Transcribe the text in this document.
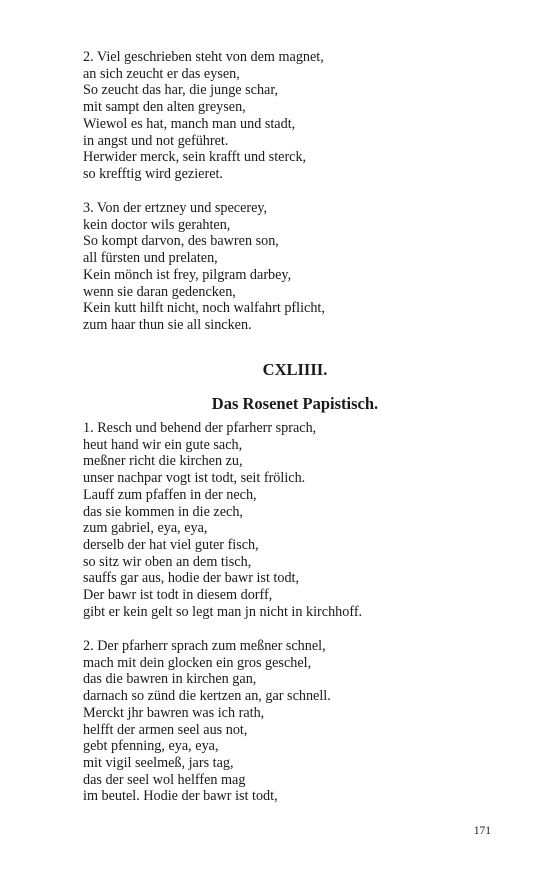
2. Viel geschrieben steht von dem magnet,
an sich zeucht er das eysen,
So zeucht das har, die junge schar,
mit sampt den alten greysen,
Wiewol es hat, manch man und stadt,
in angst und not geführet.
Herwider merck, sein krafft und sterck,
so krefftig wird gezieret.

3. Von der ertzney und specerey,
kein doctor wils gerahten,
So kompt darvon, des bawren son,
all fürsten und prelaten,
Kein mönch ist frey, pilgram darbey,
wenn sie daran gedencken,
Kein kutt hilft nicht, noch walfahrt pflicht,
zum haar thun sie all sincken.

CXLIIII.
Das Rosenet Papistisch.

1. Resch und behend der pfarherr sprach,
heut hand wir ein gute sach,
meßner richt die kirchen zu,
unser nachpar vogt ist todt, seit frölich.
Lauff zum pfaffen in der nech,
das sie kommen in die zech,
zum gabriel, eya, eya,
derselb der hat viel guter fisch,
so sitz wir oben an dem tisch,
sauffs gar aus, hodie der bawr ist todt,
Der bawr ist todt in diesem dorff,
gibt er kein gelt so legt man jn nicht in kirchhoff.

2. Der pfarherr sprach zum meßner schnel,
mach mit dein glocken ein gros geschel,
das die bawren in kirchen gan,
darnach so zünd die kertzen an, gar schnell.
Merckt jhr bawren was ich rath,
helfft der armen seel aus not,
gebt pfenning, eya, eya,
mit vigil seelmeß, jars tag,
das der seel wol helffen mag
im beutel. Hodie der bawr ist todt,

171
